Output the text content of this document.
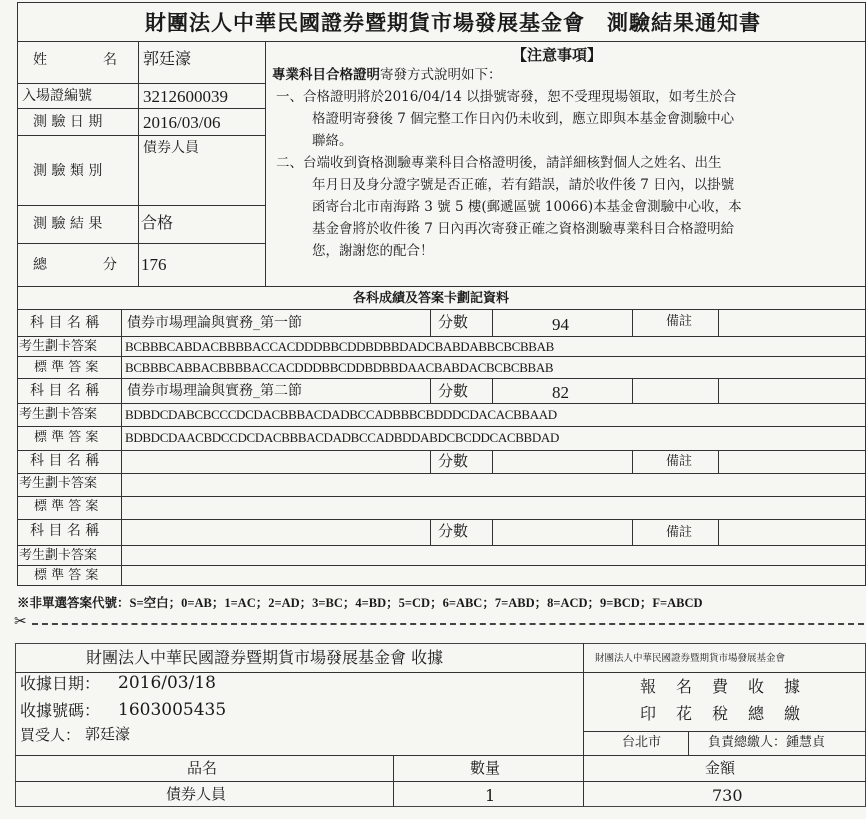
財團法人中華民國證券暨期貨市場發展基金會　測驗結果通知書
姓　　　　名 郭廷濠
入場證編號	3212600039
測 驗 日 期 2016/03/06
測 驗 類 別
債券人員
測 驗 結 果 合格
總　　　　分 176
【注意事項】
專業科目合格證明寄發方式說明如下：
一、合格證明將於2016/04/14 以掛號寄發，恕不受理現場領取，如考生於合
格證明寄發後 7 個完整工作日內仍未收到，應立即與本基金會測驗中心
聯絡。
二、台端收到資格測驗專業科目合格證明後，請詳細核對個人之姓名、出生
年月日及身分證字號是否正確，若有錯誤，請於收件後 7 日內，以掛號
函寄台北市南海路 3 號 5 樓(郵遞區號 10066)本基金會測驗中心收，本
基金會將於收件後 7 日內再次寄發正確之資格測驗專業科目合格證明給
您，謝謝您的配合！
各科成績及答案卡劃記資料
科 目 名 稱 債券市場理論與實務_第一節	分數	94	備註
考生劃卡答案 BCBBBCABDACBBBBACCACDDDBBCDDBDBBDADCBABDABBCBCBBAB
標 準 答 案 BCBBBCABBACBBBBACCACDDDBBCDDBDBBDAACBABDACBCBCBBAB
科 目 名 稱 債券市場理論與實務_第二節	分數	82
考生劃卡答案 BDBDCDABCBCCCDCDACBBBACDADBCCADBBBCBDDDCDACACBBAAD
標 準 答 案 BDBDCDAACBDCCDCDACBBBACDADBCCADBDDABDCBCDDCACBBDAD
科 目 名 稱	分數	備註
考生劃卡答案
標 準 答 案
科 目 名 稱	分數	備註
考生劃卡答案
標 準 答 案
※非單選答案代號：S=空白；0=AB；1=AC；2=AD；3=BC；4=BD；5=CD；6=ABC；7=ABD；8=ACD；9=BCD；F=ABCD
✂
財團法人中華民國證券暨期貨市場發展基金會 收據
收據日期： 2016/03/18
收據號碼： 1603005435
買受人： 郭廷濠
財團法人中華民國證券暨期貨市場發展基金會
報　名　費　收　據
印　花　稅　總　繳
台北市	負責總繳人：鍾慧貞
品名	數量	金額
債券人員	1	730
